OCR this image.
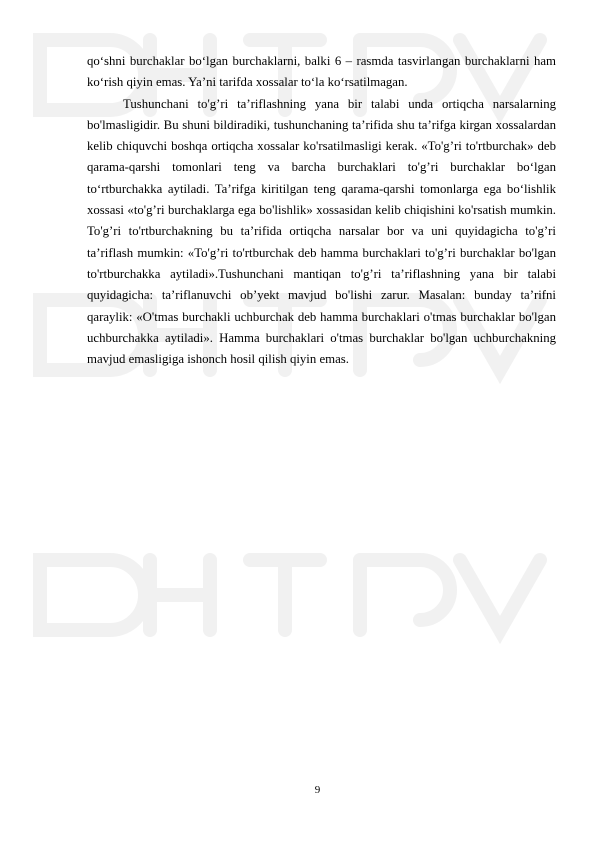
qo‘shni burchaklar bo‘lgan burchaklarni, balki 6 – rasmda tasvirlangan burchaklarni ham ko‘rish qiyin emas. Ya’ni tarifda xossalar to‘la ko‘rsatilmagan.

Tushunchani to'g’ri ta’riflashning yana bir talabi unda ortiqcha narsalarning bo'lmasligidir. Bu shuni bildiradiki, tushunchaning ta’rifida shu ta’rifga kirgan xossalardan kelib chiquvchi boshqa ortiqcha xossalar ko'rsatilmasligi kerak. «To'g’ri to'rtburchak» deb qarama-qarshi tomonlari teng va barcha burchaklari to'g’ri burchaklar bo‘lgan to‘rtburchakka aytiladi. Ta’rifga kiritilgan teng qarama-qarshi tomonlarga ega bo‘lishlik xossasi «to'g’ri burchaklarga ega bo'lishlik» xossasidan kelib chiqishini ko'rsatish mumkin. To'g’ri to'rtburchakning bu ta’rifida ortiqcha narsalar bor va uni quyidagicha to'g’ri ta’riflash mumkin: «To'g’ri to'rtburchak deb hamma burchaklari to'g’ri burchaklar bo'lgan to'rtburchakka aytiladi».Tushunchani mantiqan to'g’ri ta’riflashning yana bir talabi quyidagicha: ta’riflanuvchi ob’yekt mavjud bo'lishi zarur. Masalan: bunday ta’rifni qaraylik: «O'tmas burchakli uchburchak deb hamma burchaklari o'tmas burchaklar bo'lgan uchburchakka aytiladi». Hamma burchaklari o'tmas burchaklar bo'lgan uchburchakning mavjud emasligiga ishonch hosil qilish qiyin emas.

9
